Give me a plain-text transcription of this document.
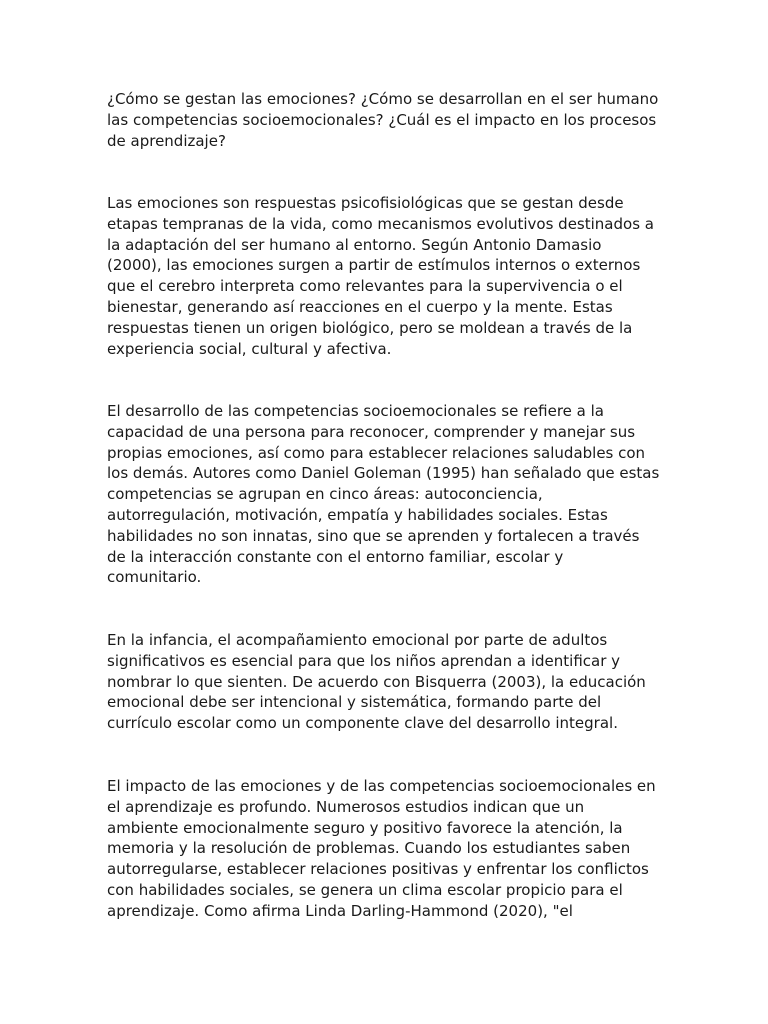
¿Cómo se gestan las emociones? ¿Cómo se desarrollan en el ser humano
las competencias socioemocionales? ¿Cuál es el impacto en los procesos
de aprendizaje?

Las emociones son respuestas psicofisiológicas que se gestan desde
etapas tempranas de la vida, como mecanismos evolutivos destinados a
la adaptación del ser humano al entorno. Según Antonio Damasio
(2000), las emociones surgen a partir de estímulos internos o externos
que el cerebro interpreta como relevantes para la supervivencia o el
bienestar, generando así reacciones en el cuerpo y la mente. Estas
respuestas tienen un origen biológico, pero se moldean a través de la
experiencia social, cultural y afectiva.

El desarrollo de las competencias socioemocionales se refiere a la
capacidad de una persona para reconocer, comprender y manejar sus
propias emociones, así como para establecer relaciones saludables con
los demás. Autores como Daniel Goleman (1995) han señalado que estas
competencias se agrupan en cinco áreas: autoconciencia,
autorregulación, motivación, empatía y habilidades sociales. Estas
habilidades no son innatas, sino que se aprenden y fortalecen a través
de la interacción constante con el entorno familiar, escolar y
comunitario.

En la infancia, el acompañamiento emocional por parte de adultos
significativos es esencial para que los niños aprendan a identificar y
nombrar lo que sienten. De acuerdo con Bisquerra (2003), la educación
emocional debe ser intencional y sistemática, formando parte del
currículo escolar como un componente clave del desarrollo integral.

El impacto de las emociones y de las competencias socioemocionales en
el aprendizaje es profundo. Numerosos estudios indican que un
ambiente emocionalmente seguro y positivo favorece la atención, la
memoria y la resolución de problemas. Cuando los estudiantes saben
autorregularse, establecer relaciones positivas y enfrentar los conflictos
con habilidades sociales, se genera un clima escolar propicio para el
aprendizaje. Como afirma Linda Darling-Hammond (2020), "el
